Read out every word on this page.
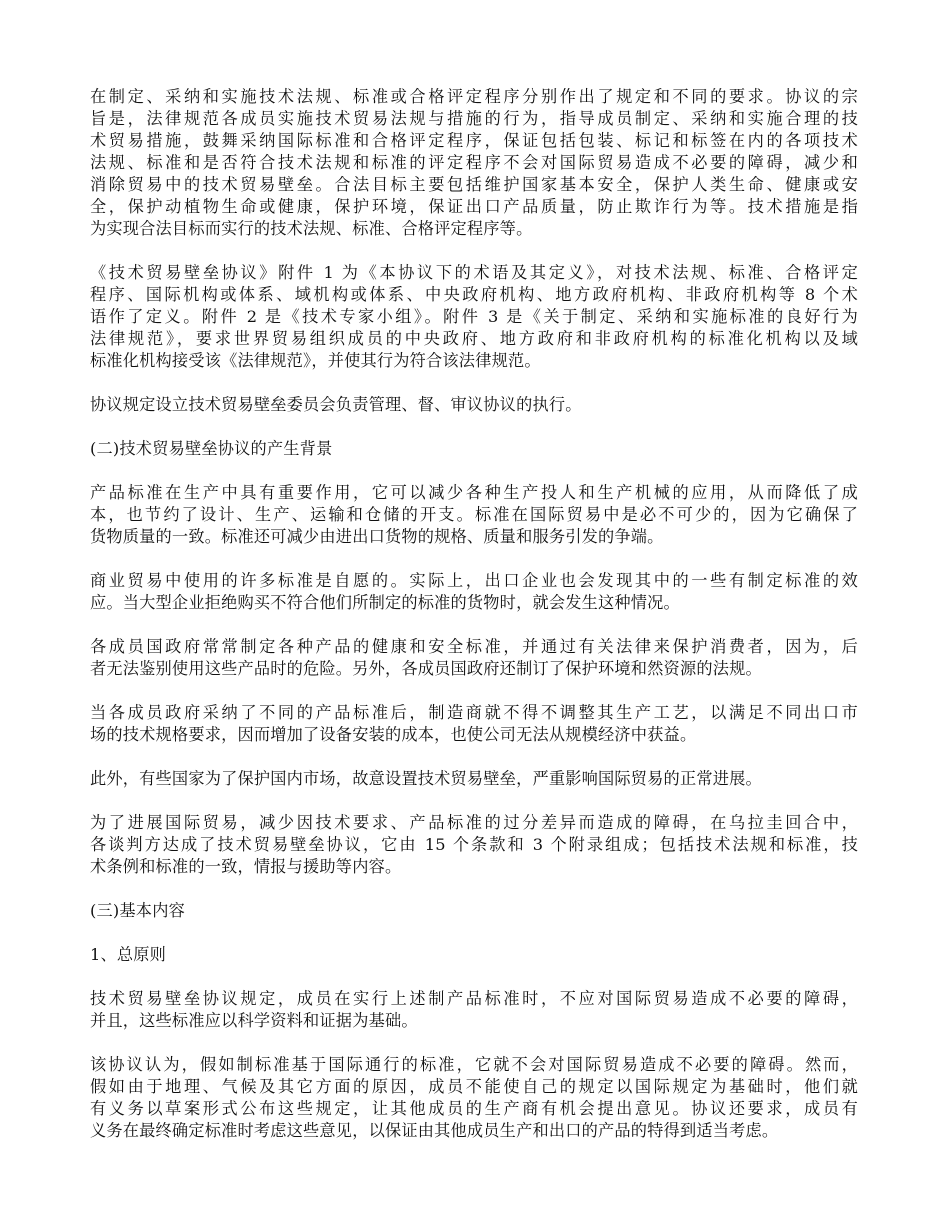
在制定、采纳和实施技术法规、标准或合格评定程序分别作出了规定和不同的要求。协议的宗
旨是，法律规范各成员实施技术贸易法规与措施的行为，指导成员制定、采纳和实施合理的技
术贸易措施，鼓舞采纳国际标准和合格评定程序，保证包括包装、标记和标签在内的各项技术
法规、标准和是否符合技术法规和标准的评定程序不会对国际贸易造成不必要的障碍，减少和
消除贸易中的技术贸易壁垒。合法目标主要包括维护国家基本安全，保护人类生命、健康或安
全，保护动植物生命或健康，保护环境，保证出口产品质量，防止欺诈行为等。技术措施是指
为实现合法目标而实行的技术法规、标准、合格评定程序等。
《技术贸易壁垒协议》附件 1 为《本协议下的术语及其定义》，对技术法规、标准、合格评定
程序、国际机构或体系、域机构或体系、中央政府机构、地方政府机构、非政府机构等 8 个术
语作了定义。附件 2 是《技术专家小组》。附件 3 是《关于制定、采纳和实施标准的良好行为
法律规范》，要求世界贸易组织成员的中央政府、地方政府和非政府机构的标准化机构以及域
标准化机构接受该《法律规范》，并使其行为符合该法律规范。
协议规定设立技术贸易壁垒委员会负责管理、督、审议协议的执行。
(二)技术贸易壁垒协议的产生背景
产品标准在生产中具有重要作用，它可以减少各种生产投人和生产机械的应用，从而降低了成
本，也节约了设计、生产、运输和仓储的开支。标准在国际贸易中是必不可少的，因为它确保了
货物质量的一致。标准还可减少由进出口货物的规格、质量和服务引发的争端。
商业贸易中使用的许多标准是自愿的。实际上，出口企业也会发现其中的一些有制定标准的效
应。当大型企业拒绝购买不符合他们所制定的标准的货物时，就会发生这种情况。
各成员国政府常常制定各种产品的健康和安全标准，并通过有关法律来保护消费者，因为，后
者无法鉴别使用这些产品时的危险。另外，各成员国政府还制订了保护环境和然资源的法规。
当各成员政府采纳了不同的产品标准后，制造商就不得不调整其生产工艺，以满足不同出口市
场的技术规格要求，因而增加了设备安装的成本，也使公司无法从规模经济中获益。
此外，有些国家为了保护国内市场，故意设置技术贸易壁垒，严重影响国际贸易的正常进展。
为了进展国际贸易，减少因技术要求、产品标准的过分差异而造成的障碍，在乌拉圭回合中，
各谈判方达成了技术贸易壁垒协议，它由 15 个条款和 3 个附录组成；包括技术法规和标准，技
术条例和标准的一致，情报与援助等内容。
(三)基本内容
1、总原则
技术贸易壁垒协议规定，成员在实行上述制产品标准时，不应对国际贸易造成不必要的障碍，
并且，这些标准应以科学资料和证据为基础。
该协议认为，假如制标准基于国际通行的标准，它就不会对国际贸易造成不必要的障碍。然而，
假如由于地理、气候及其它方面的原因，成员不能使自己的规定以国际规定为基础时，他们就
有义务以草案形式公布这些规定，让其他成员的生产商有机会提出意见。协议还要求，成员有
义务在最终确定标准时考虑这些意见，以保证由其他成员生产和出口的产品的特得到适当考虑。
